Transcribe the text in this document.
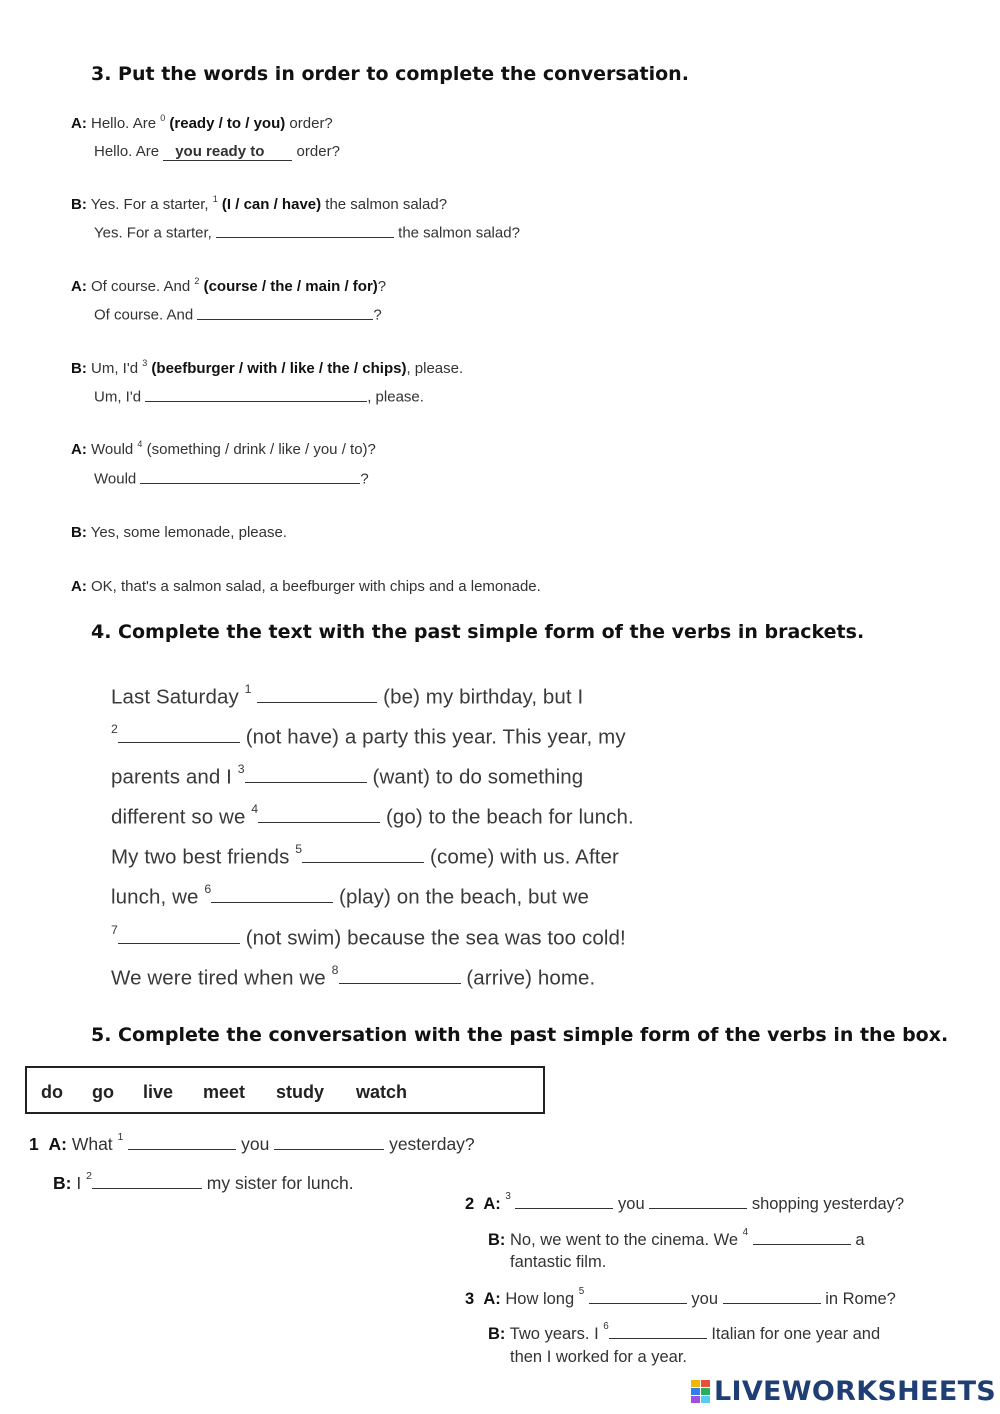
3. Put the words in order to complete the conversation.
A: Hello. Are $^0$ (ready / to / you) order?
Hello. Are you ready to order?
B: Yes. For a starter, $^1$ (I / can / have) the salmon salad?
Yes. For a starter,	the salmon salad?
A: Of course. And $^2$ (course / the / main / for)?
Of course. And	?
B: Um, I'd $^3$ (beefburger / with / like / the / chips), please.
Um, I'd	, please.
A: Would $^4$ (something / drink / like / you / to)?
Would	?
B: Yes, some lemonade, please.
A: OK, that's a salmon salad, a beefburger with chips and a lemonade.
4. Complete the text with the past simple form of the verbs in brackets.
Last Saturday $^1$	(be) my birthday, but I
$^2$	(not have) a party this year. This year, my
parents and I $^3$	(want) to do something
different so we $^4$	(go) to the beach for lunch.
My two best friends $^5$	(come) with us. After
lunch, we $^6$	(play) on the beach, but we
$^7$	(not swim) because the sea was too cold!
We were tired when we $^8$	(arrive) home.
5. Complete the conversation with the past simple form of the verbs in the box.
do go live meet study watch
1 A: What $^1$	you	yesterday?
B: I $^2$	my sister for lunch.
2 A: $^3$	you	shopping yesterday?
B: No, we went to the cinema. We $^4$	a
fantastic film.
3 A: How long $^5$	you	in Rome?
B: Two years. I $^6$	Italian for one year and
then I worked for a year.
LIVEWORKSHEETS
